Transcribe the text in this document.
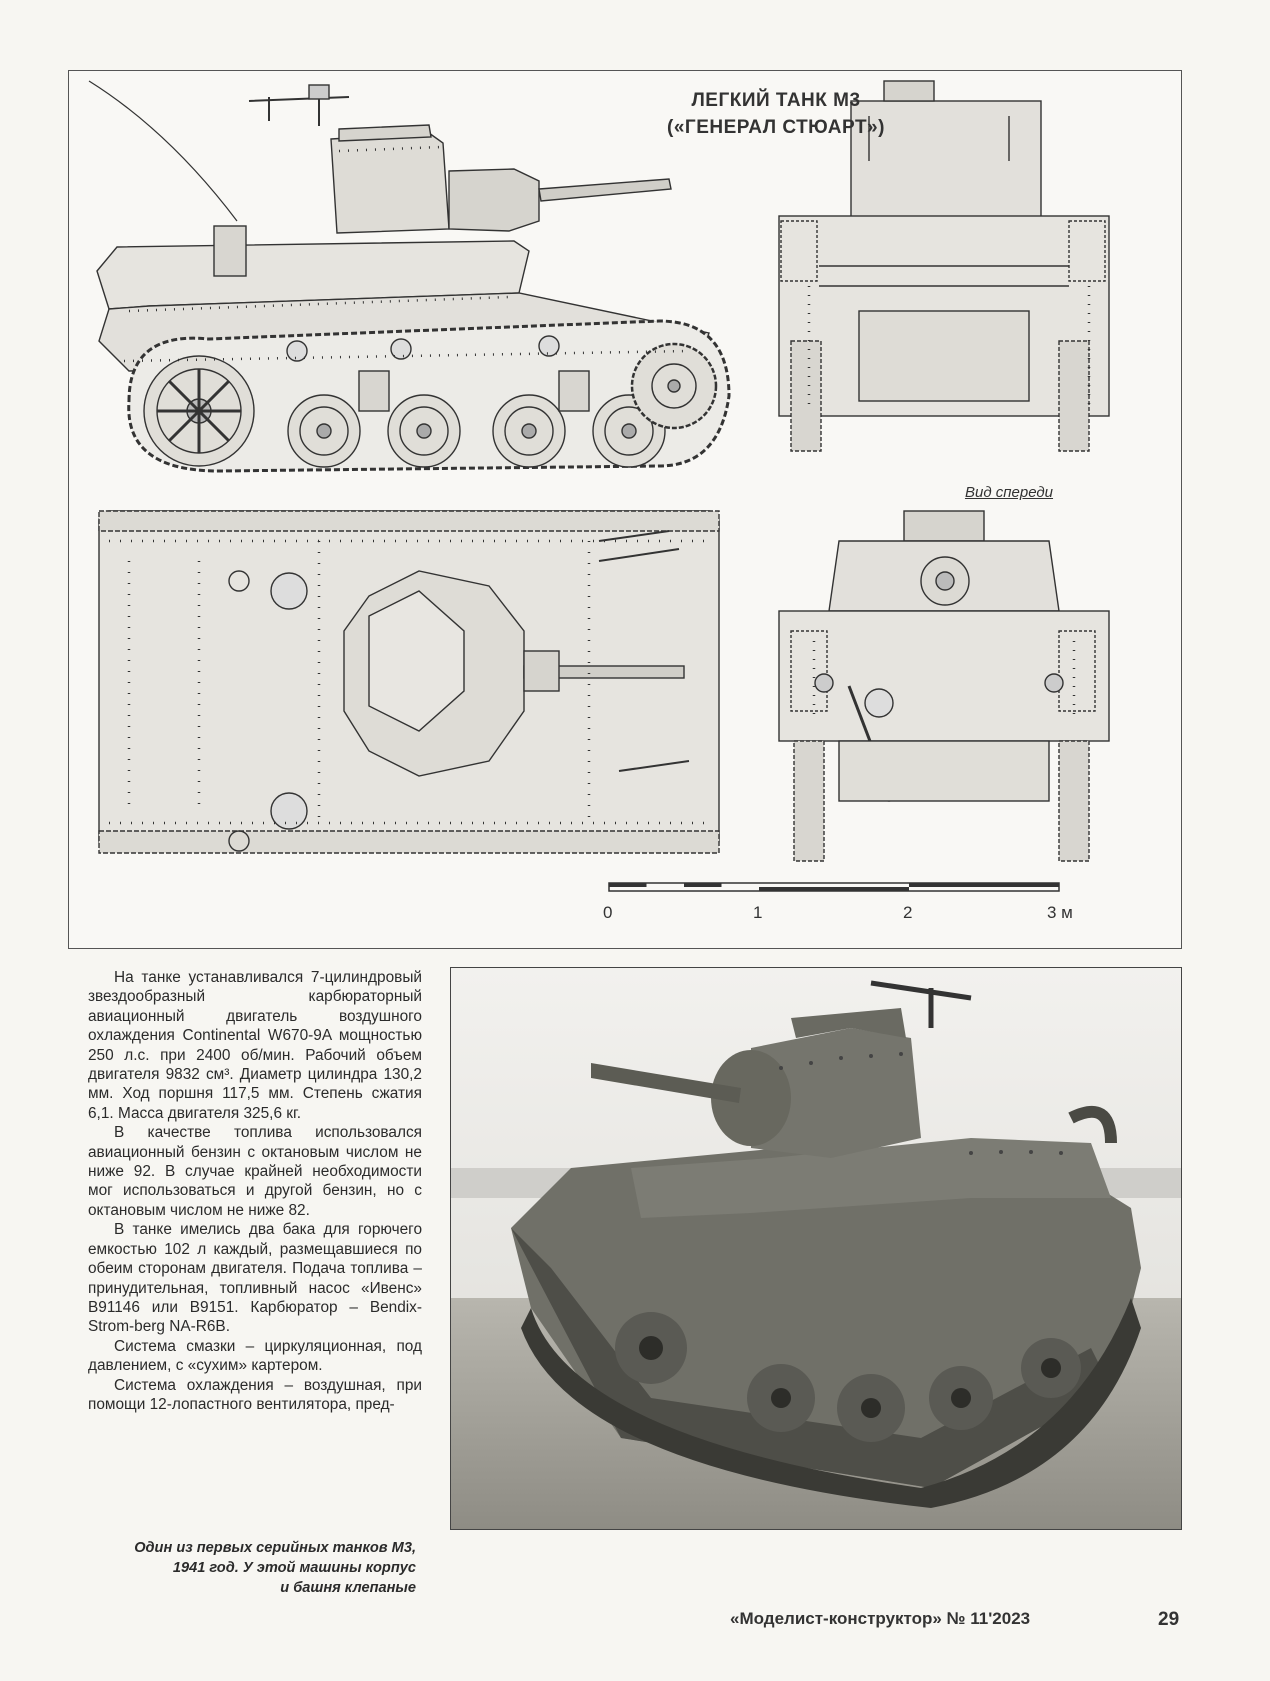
ЛЕГКИЙ ТАНК М3
(«ГЕНЕРАЛ СТЮАРТ»)
Вид спереди
0	1	2	3 м

На танке устанавливался 7-цилиндровый звездообразный карбюраторный авиационный двигатель воздушного охлаждения Continental W670-9A мощностью 250 л.с. при 2400 об/мин. Рабочий объем двигателя 9832 см³. Диаметр цилиндра 130,2 мм. Ход поршня 117,5 мм. Степень сжатия 6,1. Масса двигателя 325,6 кг.

В качестве топлива использовался авиационный бензин с октановым числом не ниже 92. В случае крайней необходимости мог использоваться и другой бензин, но с октановым числом не ниже 82.

В танке имелись два бака для горючего емкостью 102 л каждый, размещавшиеся по обеим сторонам двигателя. Подача топлива – принудительная, топливный насос «Ивенс» B91146 или B9151. Карбюратор – Bendix-Strom-berg NA-R6B.

Система смазки – циркуляционная, под давлением, с «сухим» картером.

Система охлаждения – воздушная, при помощи 12-лопастного вентилятора, пред-

Один из первых серийных танков М3,
1941 год. У этой машины корпус
и башня клепаные
«Моделист-конструктор» № 11'2023	29
